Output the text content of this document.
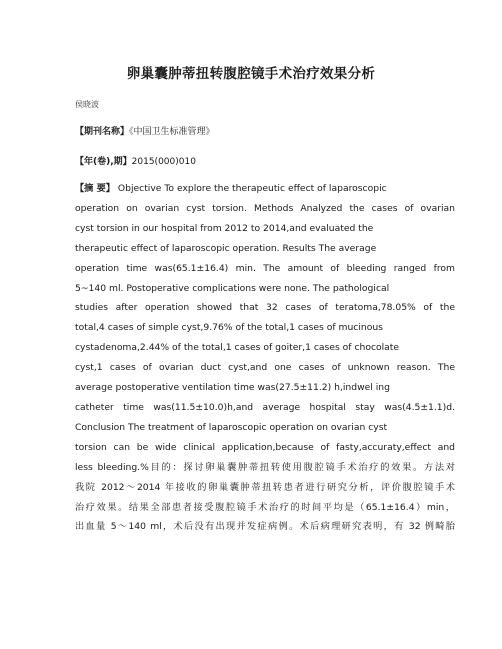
卵巢囊肿蒂扭转腹腔镜手术治疗效果分析
侯晓波
【期刊名称】《中国卫生标准管理》
【年(卷),期】2015(000)010
【摘 要】 Objective To explore the therapeutic effect of laparoscopic
operation on ovarian cyst torsion. Methods Analyzed the cases of ovarian
cyst torsion in our hospital from 2012 to 2014,and evaluated the
therapeutic effect of laparoscopic operation. Results The average
operation time was(65.1±16.4) min. The amount of bleeding ranged from
5~140 ml. Postoperative complications were none. The pathological
studies after operation showed that 32 cases of teratoma,78.05% of the
total,4 cases of simple cyst,9.76% of the total,1 cases of mucinous
cystadenoma,2.44% of the total,1 cases of goiter,1 cases of chocolate
cyst,1 cases of ovarian duct cyst,and one cases of unknown reason. The
average postoperative ventilation time was(27.5±11.2) h,indwel ing
catheter time was(11.5±10.0)h,and average hospital stay was(4.5±1.1)d.
Conclusion The treatment of laparoscopic operation on ovarian cyst
torsion can be wide clinical application,because of fasty,accuraty,effect and
less bleeding.%目的：探讨卵巢囊肿蒂扭转使用腹腔镜手术治疗的效果。方法对
我院 2012～2014 年接收的卵巢囊肿蒂扭转患者进行研究分析，评价腹腔镜手术
治疗效果。结果全部患者接受腹腔镜手术治疗的时间平均是（65.1±16.4）min，
出血量 5～140 ml，术后没有出现并发症病例。术后病理研究表明，有 32 例畸胎
